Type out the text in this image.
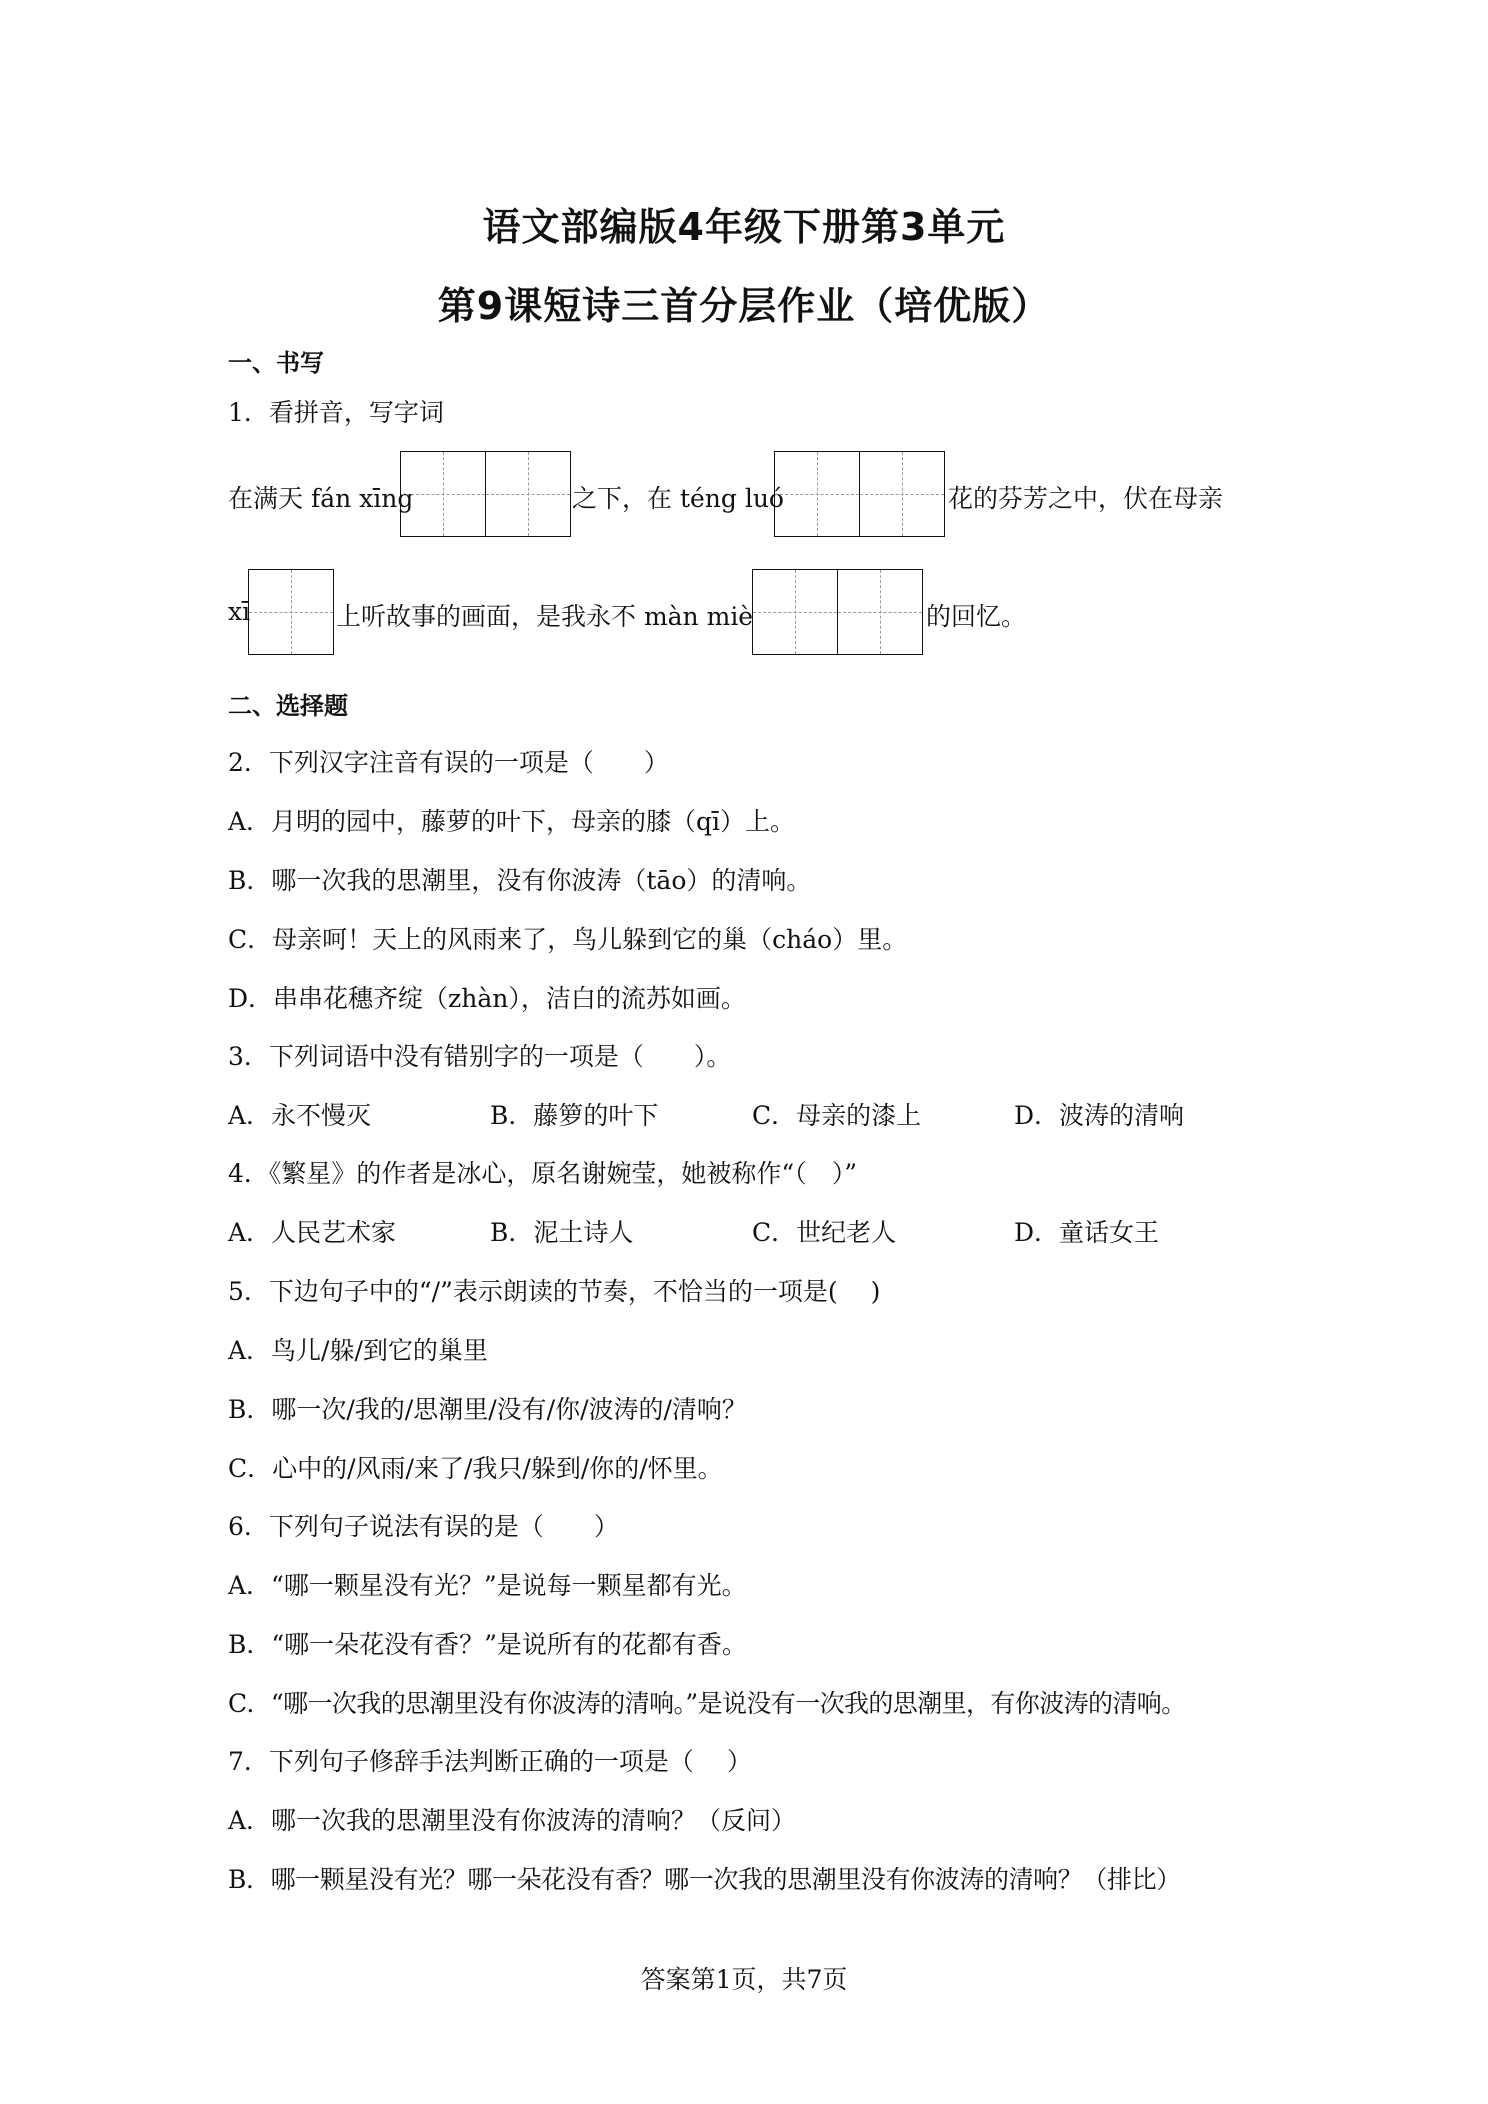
语文部编版4年级下册第3单元
第9课短诗三首分层作业（培优版）
一、书写
1．看拼音，写字词
在满天 fán xīng	之下，在 téng luó	花的芬芳之中，伏在母亲
xī	上听故事的画面，是我永不 màn miè	的回忆。
二、选择题
2．下列汉字注音有误的一项是（　　）
A．月明的园中，藤萝的叶下，母亲的膝（qī）上。
B．哪一次我的思潮里，没有你波涛（tāo）的清响。
C．母亲呵！天上的风雨来了，鸟儿躲到它的巢（cháo）里。
D．串串花穗齐绽（zhàn），洁白的流苏如画。
3．下列词语中没有错别字的一项是（　　）。
A．永不慢灭	B．藤箩的叶下	C．母亲的漆上	D．波涛的清响
4．《繁星》的作者是冰心，原名谢婉莹，她被称作“（　）”
A．人民艺术家	B．泥土诗人	C．世纪老人	D．童话女王
5．下边句子中的“/”表示朗读的节奏，不恰当的一项是(　 )
A．鸟儿/躲/到它的巢里
B．哪一次/我的/思潮里/没有/你/波涛的/清响？
C．心中的/风雨/来了/我只/躲到/你的/怀里。
6．下列句子说法有误的是（　　）
A．“哪一颗星没有光？”是说每一颗星都有光。
B．“哪一朵花没有香？”是说所有的花都有香。
C．“哪一次我的思潮里没有你波涛的清响。”是说没有一次我的思潮里，有你波涛的清响。
7．下列句子修辞手法判断正确的一项是（　 ）
A．哪一次我的思潮里没有你波涛的清响？（反问）
B．哪一颗星没有光？哪一朵花没有香？哪一次我的思潮里没有你波涛的清响？（排比）
答案第1页，共7页
